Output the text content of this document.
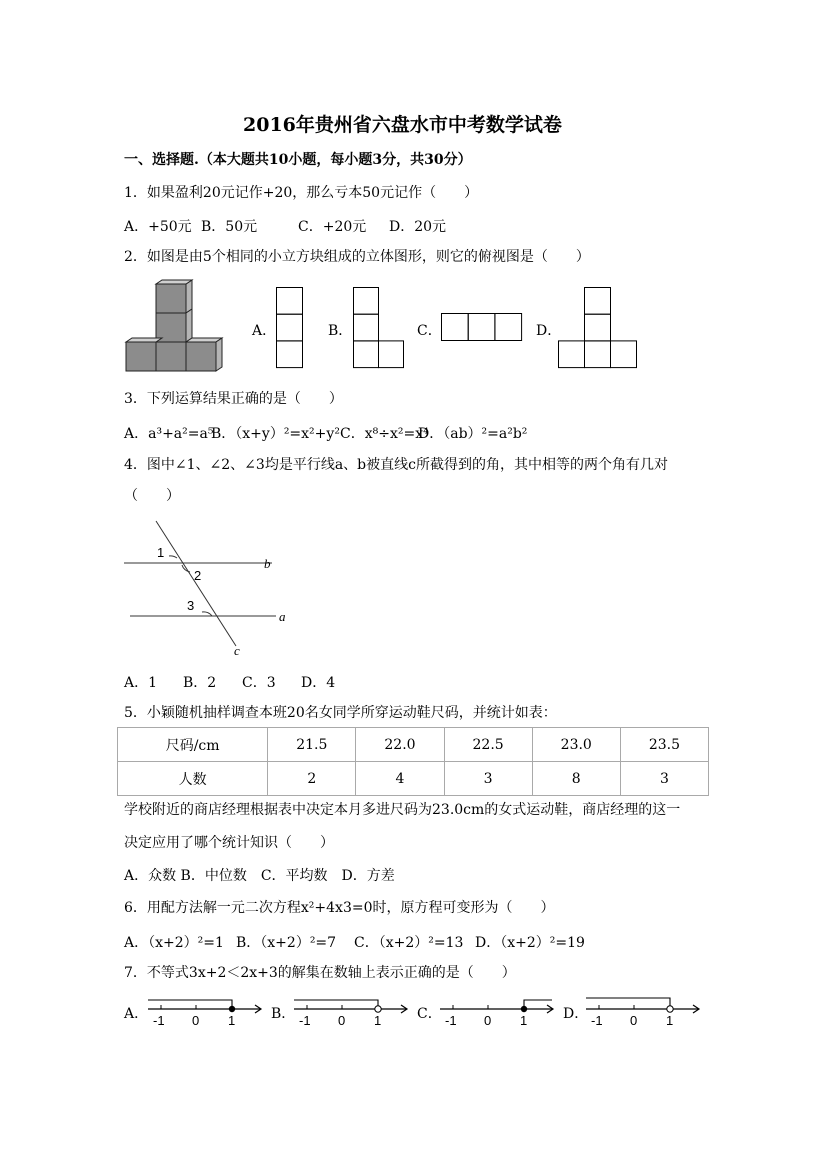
2016年贵州省六盘水市中考数学试卷
一、选择题.（本大题共10小题，每小题3分，共30分）
1．如果盈利20元记作+20，那么亏本50元记作（　　）
A．+50元 B．⁠50元	C．+20元 D．⁠20元
2．如图是由5个相同的小立方块组成的立体图形，则它的俯视图是（　　）
A．	B．	C．	D．
3．下列运算结果正确的是（　　）
A．a³+a²=a⁵
B．（x+y）²=x²+y² C．x⁸÷x²=x⁴
D．（ab）²=a²b²
4．图中∠1、∠2、∠3均是平行线a、b被直线c所截得到的角，其中相等的两个角有几对
（　　）
1
2
3
b
a
c
A．1 B．2 C．3 D．4
5．小颖随机抽样调查本班20名女同学所穿运动鞋尺码，并统计如表：
尺码/cm	21.5	22.0	22.5	23.0	23.5
人数	2	4	3	8	3
学校附近的商店经理根据表中决定本月多进尺码为23.0cm的女式运动鞋，商店经理的这一
决定应用了哪个统计知识（　　）
A．众数 B．中位数　C．平均数　D．方差
6．用配方法解一元二次方程x²+4x⁠3=0时，原方程可变形为（　　）
A．（x+2）²=1 B．（x+2）²=7 C．（x+2）²=13 D．（x+2）²=19
7．不等式3x+2＜2x+3的解集在数轴上表示正确的是（　　）
A． -1 0 1	B． -1 0 1	C． -1 0 1	D． -1 0 1
